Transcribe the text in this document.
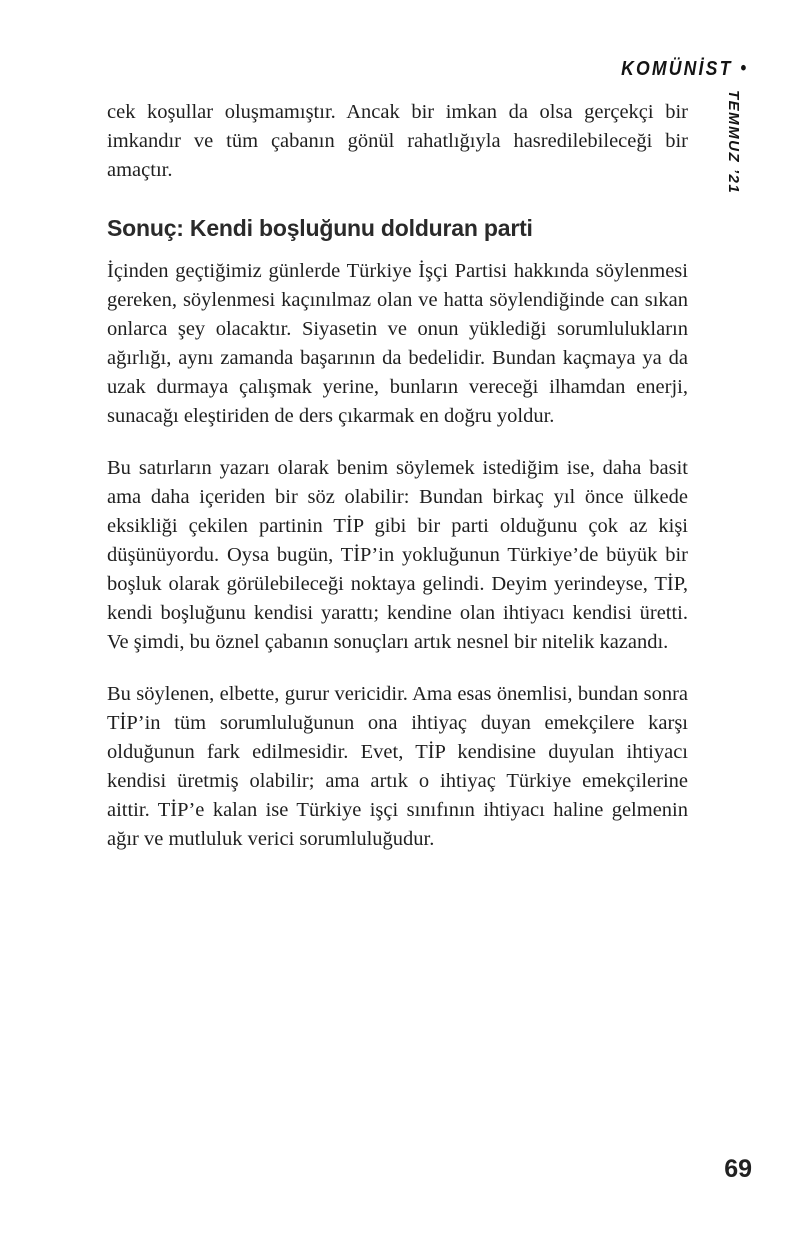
KOMÜNİST •
TEMMUZ ’21

cek koşullar oluşmamıştır. Ancak bir imkan da olsa gerçekçi bir imkandır ve tüm çabanın gönül rahatlığıyla hasredilebileceği bir amaçtır.

Sonuç: Kendi boşluğunu dolduran parti

İçinden geçtiğimiz günlerde Türkiye İşçi Partisi hakkında söylenmesi gereken, söylenmesi kaçınılmaz olan ve hatta söylendiğinde can sıkan onlarca şey olacaktır. Siyasetin ve onun yüklediği sorumlulukların ağırlığı, aynı zamanda başarının da bedelidir. Bundan kaçmaya ya da uzak durmaya çalışmak yerine, bunların vereceği ilhamdan enerji, sunacağı eleştiriden de ders çıkarmak en doğru yoldur.

Bu satırların yazarı olarak benim söylemek istediğim ise, daha basit ama daha içeriden bir söz olabilir: Bundan birkaç yıl önce ülkede eksikliği çekilen partinin TİP gibi bir parti olduğunu çok az kişi düşünüyordu. Oysa bugün, TİP’in yokluğunun Türkiye’de büyük bir boşluk olarak görülebileceği noktaya gelindi. Deyim yerindeyse, TİP, kendi boşluğunu kendisi yarattı; kendine olan ihtiyacı kendisi üretti. Ve şimdi, bu öznel çabanın sonuçları artık nesnel bir nitelik kazandı.

Bu söylenen, elbette, gurur vericidir. Ama esas önemlisi, bundan sonra TİP’in tüm sorumluluğunun ona ihtiyaç duyan emekçilere karşı olduğunun fark edilmesidir. Evet, TİP kendisine duyulan ihtiyacı kendisi üretmiş olabilir; ama artık o ihtiyaç Türkiye emekçilerine aittir. TİP’e kalan ise Türkiye işçi sınıfının ihtiyacı haline gelmenin ağır ve mutluluk verici sorumluluğudur.

69
